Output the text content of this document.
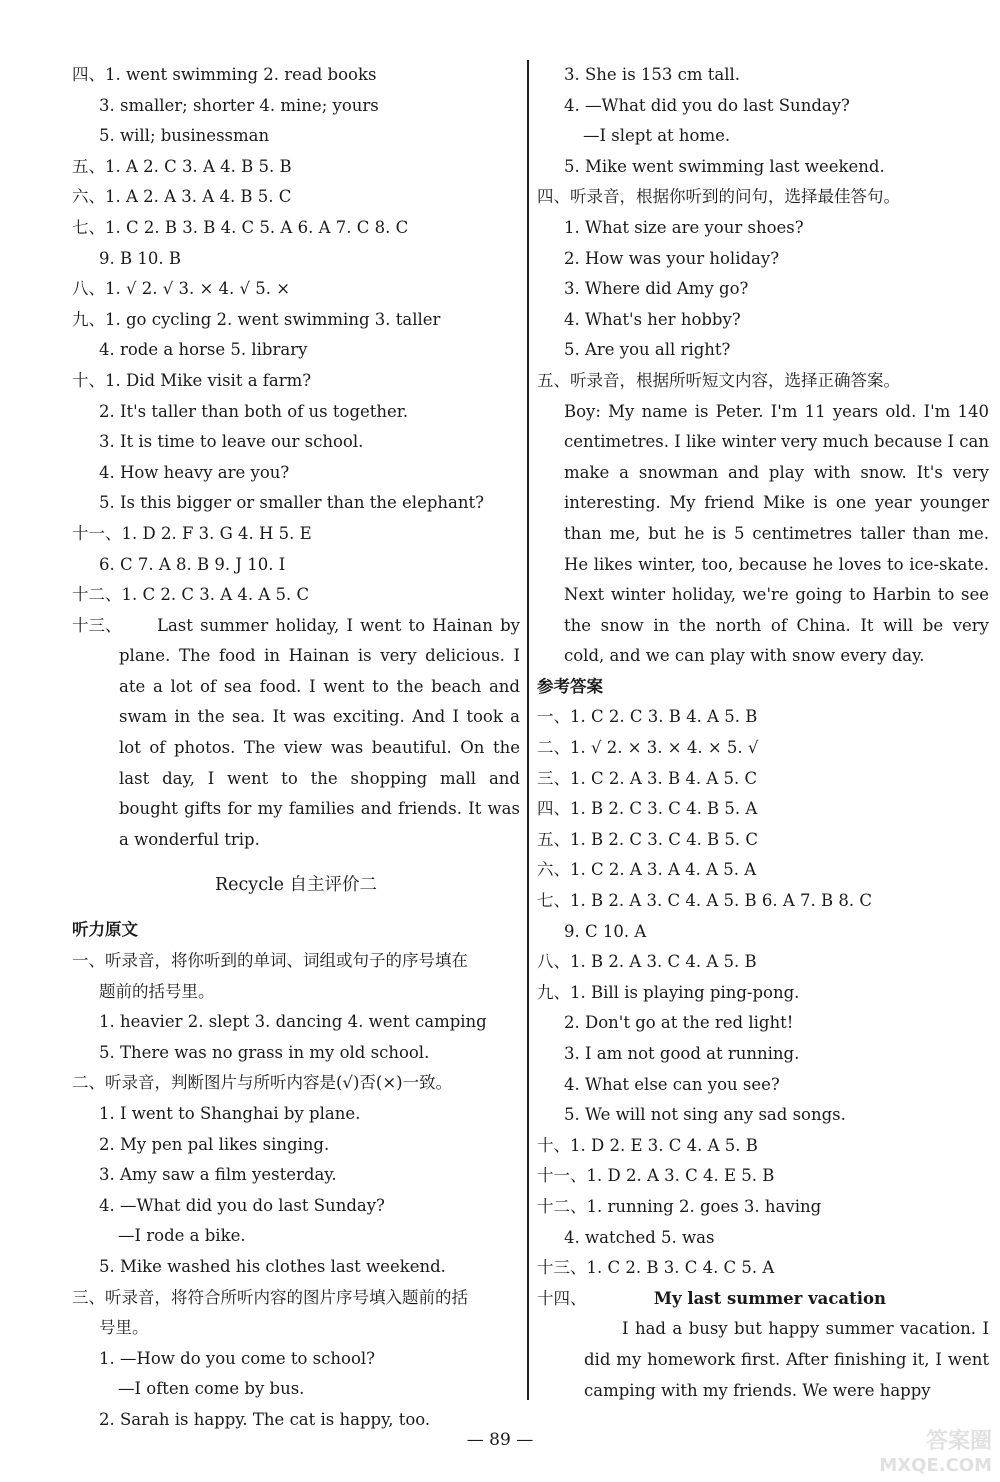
四、1. went swimming 2. read books
3. smaller; shorter 4. mine; yours
5. will; businessman
五、1. A 2. C 3. A 4. B 5. B
六、1. A 2. A 3. A 4. B 5. C
七、1. C 2. B 3. B 4. C 5. A 6. A 7. C 8. C
9. B 10. B
八、1. √ 2. √ 3. × 4. √ 5. ×
九、1. go cycling 2. went swimming 3. taller
4. rode a horse 5. library
十、1. Did Mike visit a farm?
2. It's taller than both of us together.
3. It is time to leave our school.
4. How heavy are you?
5. Is this bigger or smaller than the elephant?
十一、1. D 2. F 3. G 4. H 5. E
6. C 7. A 8. B 9. J 10. I
十二、1. C 2. C 3. A 4. A 5. C
十三、	Last summer holiday, I went to Hainan by plane. The food in Hainan is very delicious. I ate a lot of sea food. I went to the beach and swam in the sea. It was exciting. And I took a lot of photos. The view was beautiful. On the last day, I went to the shopping mall and bought gifts for my families and friends. It was a wonderful trip.
Recycle 自主评价二
听力原文
一、听录音，将你听到的单词、词组或句子的序号填在
题前的括号里。
1. heavier 2. slept 3. dancing 4. went camping
5. There was no grass in my old school.
二、听录音，判断图片与所听内容是(√)否(×)一致。
1. I went to Shanghai by plane.
2. My pen pal likes singing.
3. Amy saw a film yesterday.
4. —What did you do last Sunday?
—I rode a bike.
5. Mike washed his clothes last weekend.
三、听录音，将符合所听内容的图片序号填入题前的括
号里。
1. —How do you come to school?
—I often come by bus.
2. Sarah is happy. The cat is happy, too.
3. She is 153 cm tall.
4. —What did you do last Sunday?
—I slept at home.
5. Mike went swimming last weekend.
四、听录音，根据你听到的问句，选择最佳答句。
1. What size are your shoes?
2. How was your holiday?
3. Where did Amy go?
4. What's her hobby?
5. Are you all right?
五、听录音，根据所听短文内容，选择正确答案。
Boy: My name is Peter. I'm 11 years old. I'm 140 centimetres. I like winter very much because I can make a snowman and play with snow. It's very interesting. My friend Mike is one year younger than me, but he is 5 centimetres taller than me. He likes winter, too, because he loves to ice-skate. Next winter holiday, we're going to Harbin to see the snow in the north of China. It will be very cold, and we can play with snow every day.
参考答案
一、1. C 2. C 3. B 4. A 5. B
二、1. √ 2. × 3. × 4. × 5. √
三、1. C 2. A 3. B 4. A 5. C
四、1. B 2. C 3. C 4. B 5. A
五、1. B 2. C 3. C 4. B 5. C
六、1. C 2. A 3. A 4. A 5. A
七、1. B 2. A 3. C 4. A 5. B 6. A 7. B 8. C
9. C 10. A
八、1. B 2. A 3. C 4. A 5. B
九、1. Bill is playing ping-pong.
2. Don't go at the red light!
3. I am not good at running.
4. What else can you see?
5. We will not sing any sad songs.
十、1. D 2. E 3. C 4. A 5. B
十一、1. D 2. A 3. C 4. E 5. B
十二、1. running 2. goes 3. having
4. watched 5. was
十三、1. C 2. B 3. C 4. C 5. A
十四、	My last summer vacation
I had a busy but happy summer vacation. I did my homework first. After finishing it, I went camping with my friends. We were happy
— 89 —	答案圈
MXQE.COM
